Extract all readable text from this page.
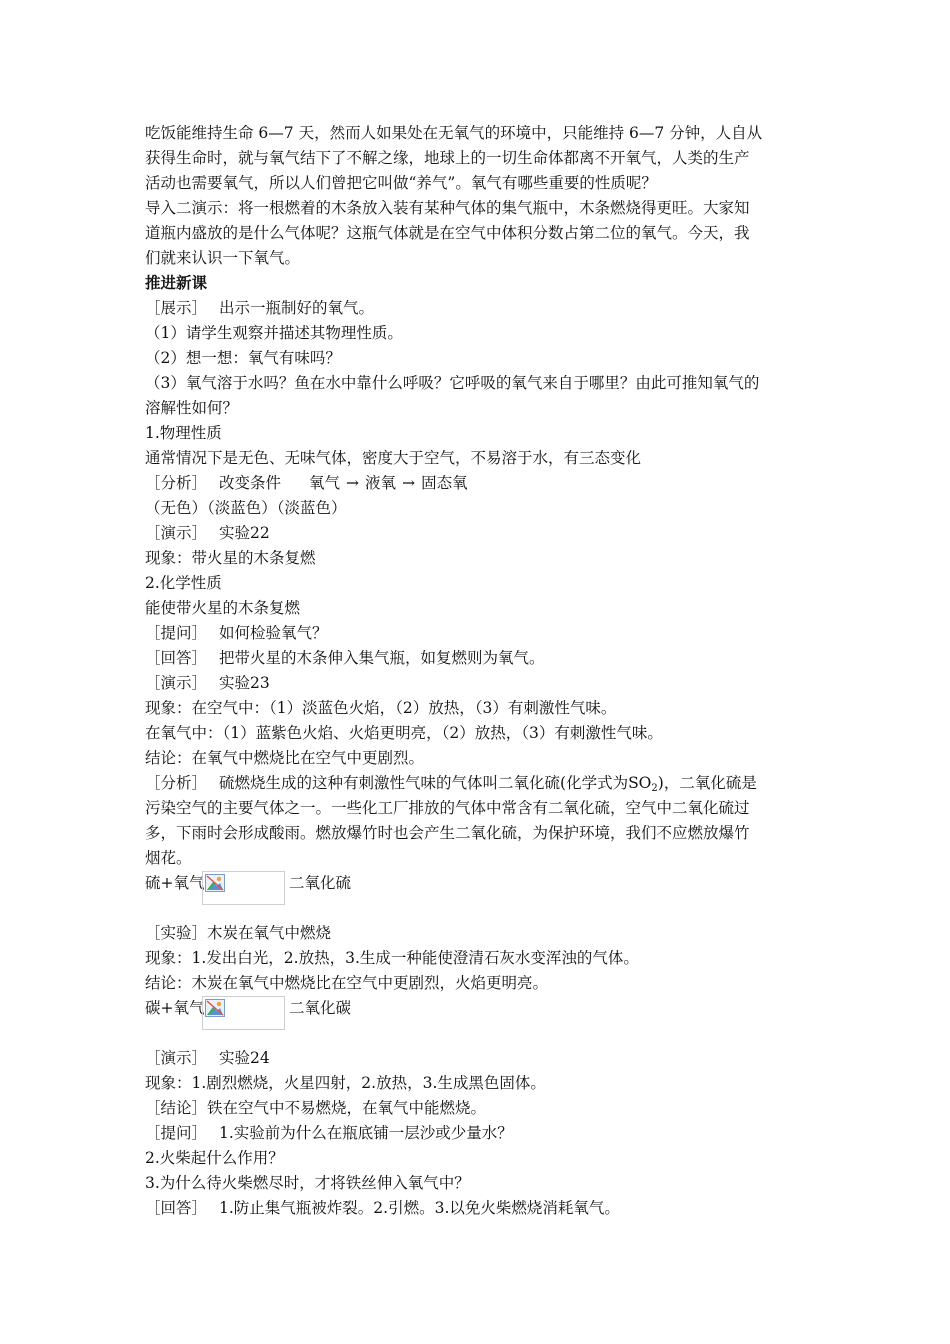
吃饭能维持生命 6—7 天，然而人如果处在无氧气的环境中，只能维持 6—7 分钟，人自从
获得生命时，就与氧气结下了不解之缘，地球上的一切生命体都离不开氧气，人类的生产
活动也需要氧气，所以人们曾把它叫做“养气”。氧气有哪些重要的性质呢？
导入二演示：将一根燃着的木条放入装有某种气体的集气瓶中，木条燃烧得更旺。大家知
道瓶内盛放的是什么气体呢？这瓶气体就是在空气中体积分数占第二位的氧气。今天，我
们就来认识一下氧气。
推进新课
［展示］ 出示一瓶制好的氧气。
（1）请学生观察并描述其物理性质。
（2）想一想：氧气有味吗？
（3）氧气溶于水吗？鱼在水中靠什么呼吸？它呼吸的氧气来自于哪里？由此可推知氧气的
溶解性如何？
1.物理性质
通常情况下是无色、无味气体，密度大于空气，不易溶于水，有三态变化
［分析］ 改变条件 氧气 → 液氧 → 固态氧
（无色）（淡蓝色）（淡蓝色）
［演示］ 实验22
现象：带火星的木条复燃
2.化学性质
能使带火星的木条复燃
［提问］ 如何检验氧气？
［回答］ 把带火星的木条伸入集气瓶，如复燃则为氧气。
［演示］ 实验23
现象：在空气中：（1）淡蓝色火焰，（2）放热，（3）有刺激性气味。
在氧气中：（1）蓝紫色火焰、火焰更明亮，（2）放热，（3）有刺激性气味。
结论：在氧气中燃烧比在空气中更剧烈。
［分析］ 硫燃烧生成的这种有刺激性气味的气体叫二氧化硫(化学式为$SO_2$)，二氧化硫是
污染空气的主要气体之一。一些化工厂排放的气体中常含有二氧化硫，空气中二氧化硫过
多，下雨时会形成酸雨。燃放爆竹时也会产生二氧化硫，为保护环境，我们不应燃放爆竹
烟花。
硫+氧气	二氧化硫
［实验］木炭在氧气中燃烧
现象：1.发出白光，2.放热，3.生成一种能使澄清石灰水变浑浊的气体。
结论：木炭在氧气中燃烧比在空气中更剧烈，火焰更明亮。
碳+氧气	二氧化碳
［演示］ 实验24
现象：1.剧烈燃烧，火星四射，2.放热，3.生成黑色固体。
［结论］铁在空气中不易燃烧，在氧气中能燃烧。
［提问］ 1.实验前为什么在瓶底铺一层沙或少量水？
2.火柴起什么作用？
3.为什么待火柴燃尽时，才将铁丝伸入氧气中？
［回答］ 1.防止集气瓶被炸裂。2.引燃。3.以免火柴燃烧消耗氧气。
